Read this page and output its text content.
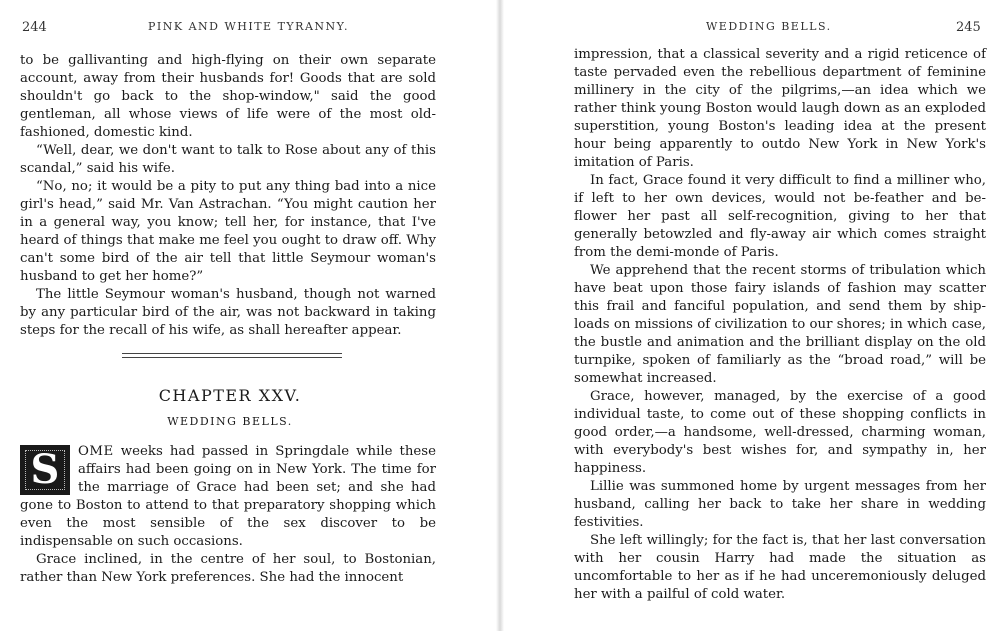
244	PINK AND WHITE TYRANNY.

to be gallivanting and high-flying on their own separate account, away from their husbands for! Goods that are sold shouldn't go back to the shop-window," said the good gentleman, all whose views of life were of the most old-fashioned, domestic kind.

“Well, dear, we don't want to talk to Rose about any of this scandal,” said his wife.

“No, no; it would be a pity to put any thing bad into a nice girl's head,” said Mr. Van Astrachan. “You might caution her in a general way, you know; tell her, for instance, that I've heard of things that make me feel you ought to draw off. Why can't some bird of the air tell that little Seymour woman's husband to get her home?”

The little Seymour woman's husband, though not warned by any particular bird of the air, was not backward in taking steps for the recall of his wife, as shall hereafter appear.

CHAPTER XXV.
WEDDING BELLS.

S	OME weeks had passed in Springdale while these affairs had been going on in New York. The time for the marriage of Grace had been set; and she had gone to Boston to attend to that preparatory shopping which even the most sensible of the sex discover to be indispensable on such occasions.

Grace inclined, in the centre of her soul, to Bostonian, rather than New York preferences. She had the innocent

WEDDING BELLS.	245

impression, that a classical severity and a rigid reticence of taste pervaded even the rebellious department of feminine millinery in the city of the pilgrims,—an idea which we rather think young Boston would laugh down as an exploded superstition, young Boston's leading idea at the present hour being apparently to outdo New York in New York's imitation of Paris.

In fact, Grace found it very difficult to find a milliner who, if left to her own devices, would not be-feather and be-flower her past all self-recognition, giving to her that generally betowzled and fly-away air which comes straight from the demi-monde of Paris.

We apprehend that the recent storms of tribulation which have beat upon those fairy islands of fashion may scatter this frail and fanciful population, and send them by ship-loads on missions of civilization to our shores; in which case, the bustle and animation and the brilliant display on the old turnpike, spoken of familiarly as the “broad road,” will be somewhat increased.

Grace, however, managed, by the exercise of a good individual taste, to come out of these shopping conflicts in good order,—a handsome, well-dressed, charming woman, with everybody's best wishes for, and sympathy in, her happiness.

Lillie was summoned home by urgent messages from her husband, calling her back to take her share in wedding festivities.

She left willingly; for the fact is, that her last conversation with her cousin Harry had made the situation as uncomfortable to her as if he had unceremoniously deluged her with a pailful of cold water.
